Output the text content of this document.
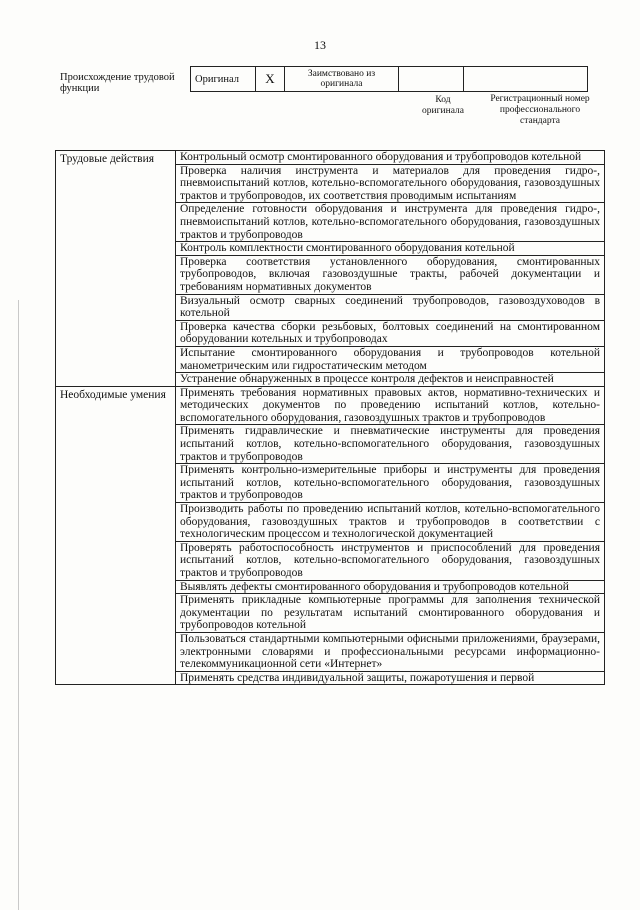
13
Происхождение трудовой функции
Оригинал	X	Заимствовано из оригинала		
Код оригинала
Регистрационный номер профессионального стандарта
Трудовые действия	Контрольный осмотр смонтированного оборудования и трубопроводов котельной
	Проверка наличия инструмента и материалов для проведения гидро-, пневмоиспытаний котлов, котельно-вспомогательного оборудования, газовоздушных трактов и трубопроводов, их соответствия проводимым испытаниям
	Определение готовности оборудования и инструмента для проведения гидро-, пневмоиспытаний котлов, котельно-вспомогательного оборудования, газовоздушных трактов и трубопроводов
	Контроль комплектности смонтированного оборудования котельной
	Проверка соответствия установленного оборудования, смонтированных трубопроводов, включая газовоздушные тракты, рабочей документации и требованиям нормативных документов
	Визуальный осмотр сварных соединений трубопроводов, газовоздуховодов в котельной
	Проверка качества сборки резьбовых, болтовых соединений на смонтированном оборудовании котельных и трубопроводах
	Испытание смонтированного оборудования и трубопроводов котельной манометрическим или гидростатическим методом
	Устранение обнаруженных в процессе контроля дефектов и неисправностей
Необходимые умения	Применять требования нормативных правовых актов, нормативно-технических и методических документов по проведению испытаний котлов, котельно-вспомогательного оборудования, газовоздушных трактов и трубопроводов
	Применять гидравлические и пневматические инструменты для проведения испытаний котлов, котельно-вспомогательного оборудования, газовоздушных трактов и трубопроводов
	Применять контрольно-измерительные приборы и инструменты для проведения испытаний котлов, котельно-вспомогательного оборудования, газовоздушных трактов и трубопроводов
	Производить работы по проведению испытаний котлов, котельно-вспомогательного оборудования, газовоздушных трактов и трубопроводов в соответствии с технологическим процессом и технологической документацией
	Проверять работоспособность инструментов и приспособлений для проведения испытаний котлов, котельно-вспомогательного оборудования, газовоздушных трактов и трубопроводов
	Выявлять дефекты смонтированного оборудования и трубопроводов котельной
	Применять прикладные компьютерные программы для заполнения технической документации по результатам испытаний смонтированного оборудования и трубопроводов котельной
	Пользоваться стандартными компьютерными офисными приложениями, браузерами, электронными словарями и профессиональными ресурсами информационно-телекоммуникационной сети «Интернет»
	Применять средства индивидуальной защиты, пожаротушения и первой
